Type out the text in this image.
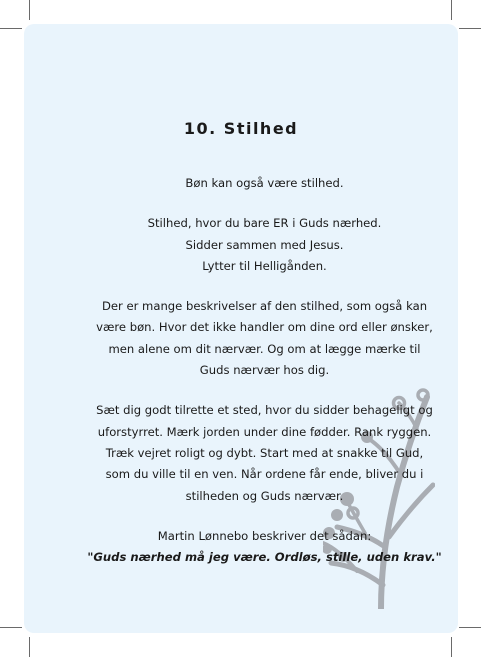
10. Stilhed

Bøn kan også være stilhed.

Stilhed, hvor du bare ER i Guds nærhed.
Sidder sammen med Jesus.
Lytter til Helligånden.

Der er mange beskrivelser af den stilhed, som også kan
være bøn. Hvor det ikke handler om dine ord eller ønsker,
men alene om dit nærvær. Og om at lægge mærke til
Guds nærvær hos dig.

Sæt dig godt tilrette et sted, hvor du sidder behageligt og
uforstyrret. Mærk jorden under dine fødder. Rank ryggen.
Træk vejret roligt og dybt. Start med at snakke til Gud,
som du ville til en ven. Når ordene får ende, bliver du i
stilheden og Guds nærvær.

Martin Lønnebo beskriver det sådan:
"Guds nærhed må jeg være. Ordløs, stille, uden krav."
